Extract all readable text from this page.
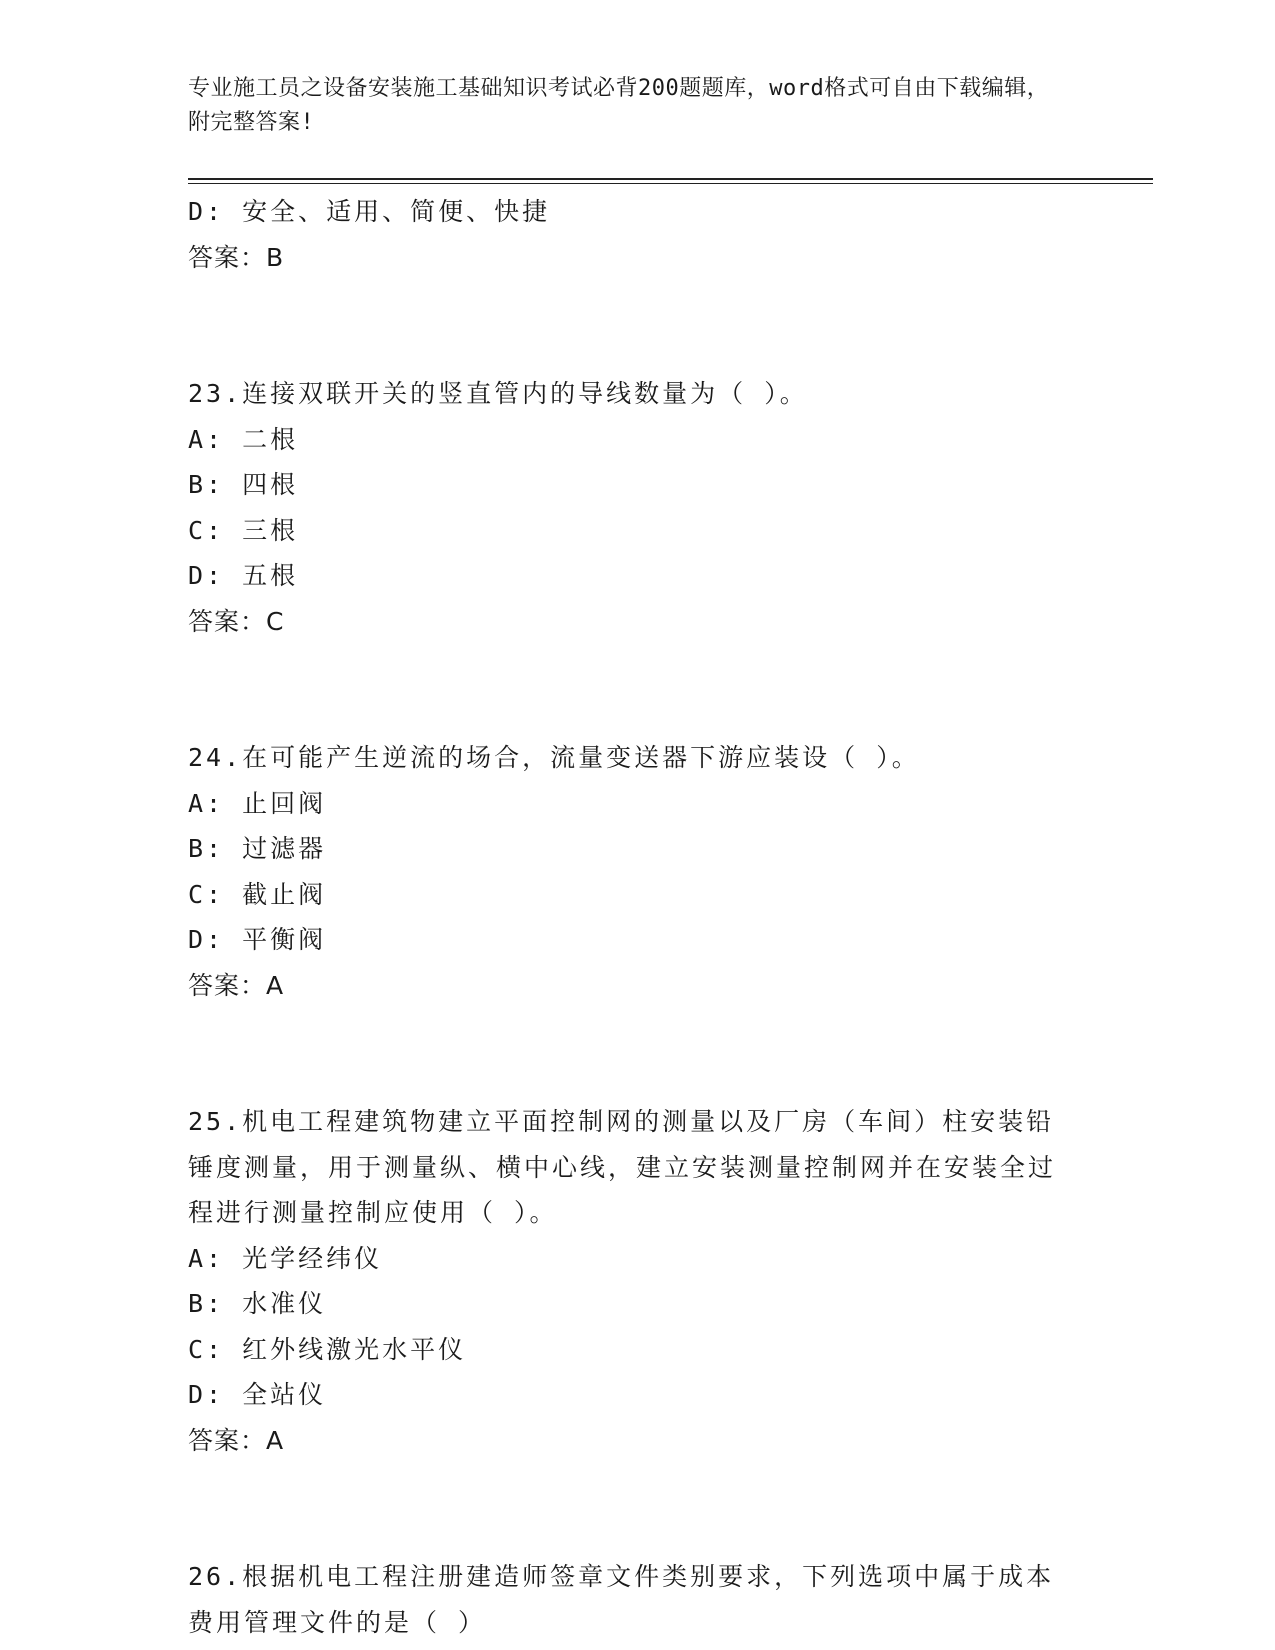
专业施工员之设备安装施工基础知识考试必背200题题库，word格式可自由下载编辑，附完整答案!
D: 安全、适用、简便、快捷
答案：B
23.连接双联开关的竖直管内的导线数量为（ ）。
A: 二根
B: 四根
C: 三根
D: 五根
答案：C
24.在可能产生逆流的场合，流量变送器下游应装设（ ）。
A: 止回阀
B: 过滤器
C: 截止阀
D: 平衡阀
答案：A
25.机电工程建筑物建立平面控制网的测量以及厂房（车间）柱安装铅锤度测量，用于测量纵、横中心线，建立安装测量控制网并在安装全过程进行测量控制应使用（ ）。
A: 光学经纬仪
B: 水准仪
C: 红外线激光水平仪
D: 全站仪
答案：A
26.根据机电工程注册建造师签章文件类别要求，下列选项中属于成本费用管理文件的是（ ）
